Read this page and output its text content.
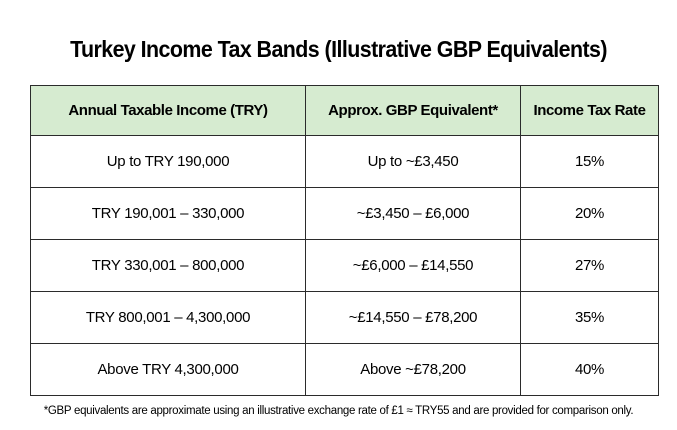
Turkey Income Tax Bands (Illustrative GBP Equivalents)
Annual Taxable Income (TRY)	Approx. GBP Equivalent*	Income Tax Rate
Up to TRY 190,000	Up to ~£3,450	15%
TRY 190,001 – 330,000	~£3,450 – £6,000	20%
TRY 330,001 – 800,000	~£6,000 – £14,550	27%
TRY 800,001 – 4,300,000	~£14,550 – £78,200	35%
Above TRY 4,300,000	Above ~£78,200	40%
*GBP equivalents are approximate using an illustrative exchange rate of £1 ≈ TRY55 and are provided for comparison only.
